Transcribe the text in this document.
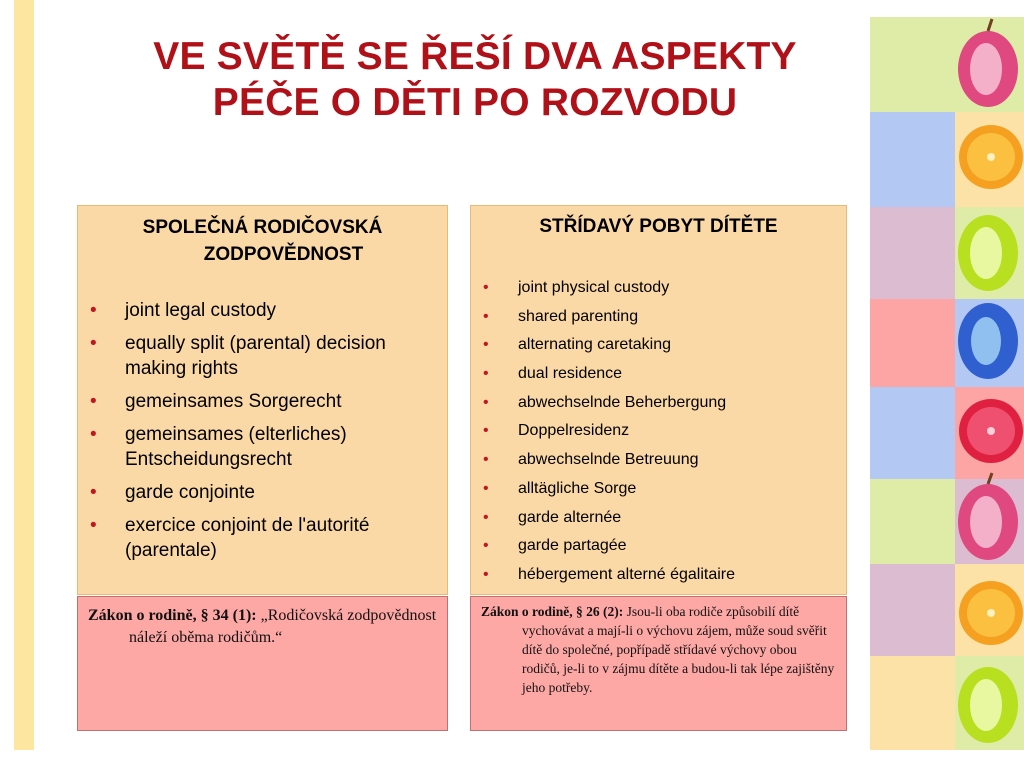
VE SVĚTĚ SE ŘEŠÍ DVA ASPEKTY
PÉČE O DĚTI PO ROZVODU
SPOLEČNÁ RODIČOVSKÁ
ZODPOVĚDNOST
• joint legal custody
• equally split (parental) decision making rights
• gemeinsames Sorgerecht
• gemeinsames (elterliches) Entscheidungsrecht
• garde conjointe
• exercice conjoint de l'autorité (parentale)
STŘÍDAVÝ POBYT DÍTĚTE
• joint physical custody
• shared parenting
• alternating caretaking
• dual residence
• abwechselnde Beherbergung
• Doppelresidenz
• abwechselnde Betreuung
• alltägliche Sorge
• garde alternée
• garde partagée
• hébergement alterné égalitaire

Zákon o rodině, § 34 (1): „Rodičovská zodpovědnost náleží oběma rodičům.“

Zákon o rodině, § 26 (2): Jsou-li oba rodiče způsobilí dítě vychovávat a mají-li o výchovu zájem, může soud svěřit dítě do společné, popřípadě střídavé výchovy obou rodičů, je-li to v zájmu dítěte a budou-li tak lépe zajištěny jeho potřeby.
